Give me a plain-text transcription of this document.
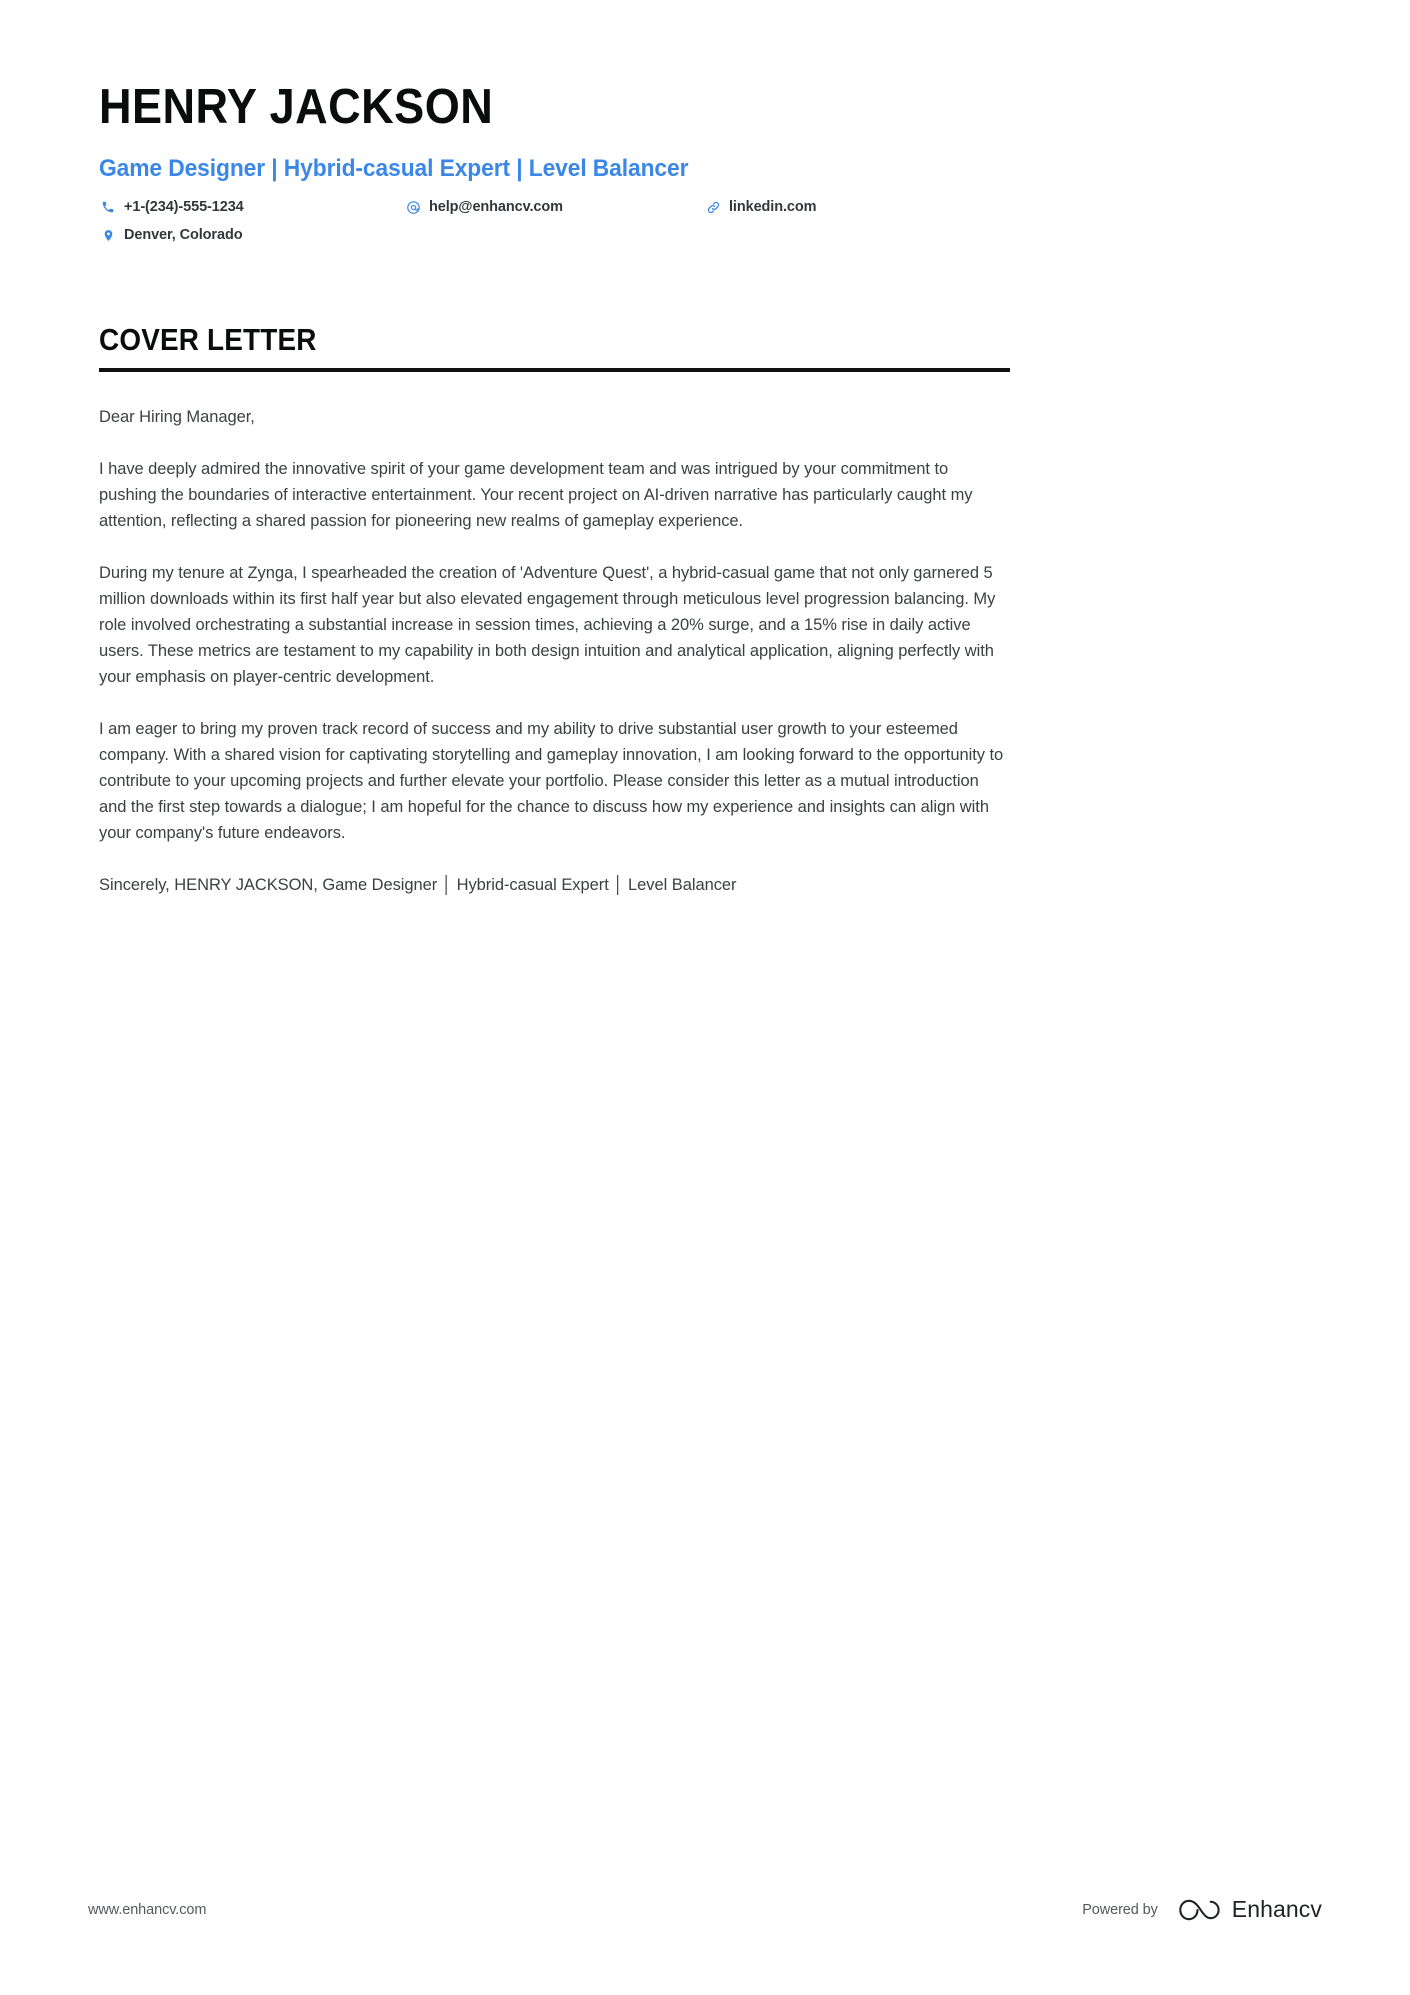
HENRY JACKSON
Game Designer | Hybrid-casual Expert | Level Balancer
+1-(234)-555-1234	help@enhancv.com	linkedin.com
Denver, Colorado
COVER LETTER

Dear Hiring Manager,

I have deeply admired the innovative spirit of your game development team and was intrigued by your commitment to pushing the boundaries of interactive entertainment. Your recent project on AI-driven narrative has particularly caught my attention, reflecting a shared passion for pioneering new realms of gameplay experience.

During my tenure at Zynga, I spearheaded the creation of 'Adventure Quest', a hybrid-casual game that not only garnered 5 million downloads within its first half year but also elevated engagement through meticulous level progression balancing. My role involved orchestrating a substantial increase in session times, achieving a 20% surge, and a 15% rise in daily active users. These metrics are testament to my capability in both design intuition and analytical application, aligning perfectly with your emphasis on player-centric development.

I am eager to bring my proven track record of success and my ability to drive substantial user growth to your esteemed company. With a shared vision for captivating storytelling and gameplay innovation, I am looking forward to the opportunity to contribute to your upcoming projects and further elevate your portfolio. Please consider this letter as a mutual introduction and the first step towards a dialogue; I am hopeful for the chance to discuss how my experience and insights can align with your company's future endeavors.

Sincerely, HENRY JACKSON, Game Designer │ Hybrid-casual Expert │ Level Balancer

www.enhancv.com	Powered by	Enhancv
